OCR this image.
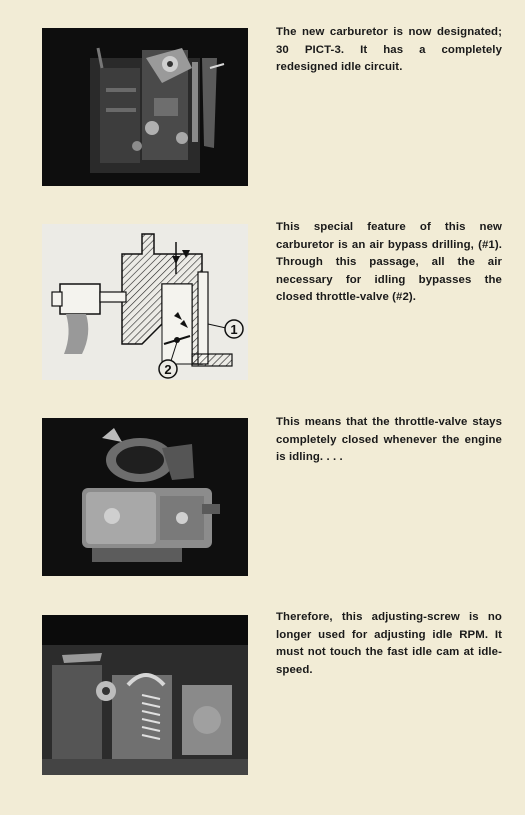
1
2

The new carburetor is now designated; 30 PICT-3. It has a completely redesigned idle circuit.

This special feature of this new carburetor is an air bypass drilling, (#1). Through this passage, all the air necessary for idling bypasses the closed throttle-valve (#2).

This means that the throttle-valve stays completely closed whenever the engine is idling. . . .

Therefore, this adjusting-screw is no longer used for adjusting idle RPM. It must not touch the fast idle cam at idle-speed.
